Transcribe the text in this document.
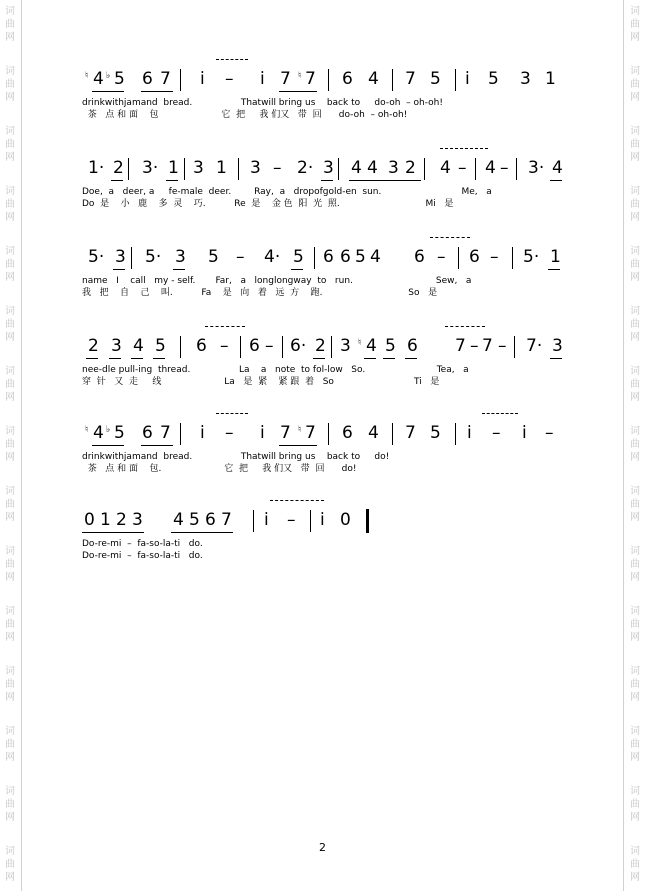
词
曲
网
词
曲
网
词
曲
网
词
曲
网
词
曲
网
词
曲
网
词
曲
网
词
曲
网
词
曲
网
词
曲
网
词
曲
网
词
曲
网
词
曲
网
词
曲
网
词
曲
网
词
曲
网
词
曲
网
词
曲
网
词
曲
网
词
曲
网
词
曲
网
词
曲
网
词
曲
网
词
曲
网
词
曲
网
词
曲
网
词
曲
网
词
曲
网
词
曲
网
词
曲
网
♮ 4 ♭ 5 6 7 i̇ – i̇ 7 ♮ 7 6 4 7 5 i̇ 5 3 1
drinkwithjamand  bread.                 Thatwill bring us    back to     do-oh  – oh-oh!
茶   点 和 面    包                      它  把     我 们又   带  回      do-oh  – oh-oh!
1· 2 3· 1 3 1 3 – 2· 3 4 4 3 2 4 – 4 – 3· 4
Doe,  a   deer, a     fe-male  deer.        Ray,  a   dropofgold-en  sun.                            Me,   a
Do  是    小   鹿    多  灵    巧.          Re  是    金 色  阳  光  照.                              Mi   是
5· 3 5· 3 5 – 4· 5 6 6 5 4 6 – 6 – 5· 1
name   I    call   my - self.       Far,   a   longlongway  to   run.                             Sew,   a
我   把    自    己    叫.          Fa    是   向   着   远  方    跑.                              So   是
2 3 4 5 6 – 6 – 6· 2 3 ♮ 4 5 6 7 – 7 – 7· 3
nee-dle pull-ing  thread.                 La    a   note  to fol-low   So.                         Tea,   a
穿  针   又  走     线                      La   是  紧    紧 跟  着   So                            Ti   是
♮ 4 ♭ 5 6 7 i̇ – i̇ 7 ♮ 7 6 4 7 5 i̇ – i̇ –
drinkwithjamand  bread.                 Thatwill bring us    back to     do!
茶   点 和 面    包.                      它  把     我 们又   带  回      do!
0 1 2 3 4 5 6 7 i̇ – i̇ 0
Do-re-mi  –  fa-so-la-ti   do.
Do-re-mi  –  fa-so-la-ti   do.
2
